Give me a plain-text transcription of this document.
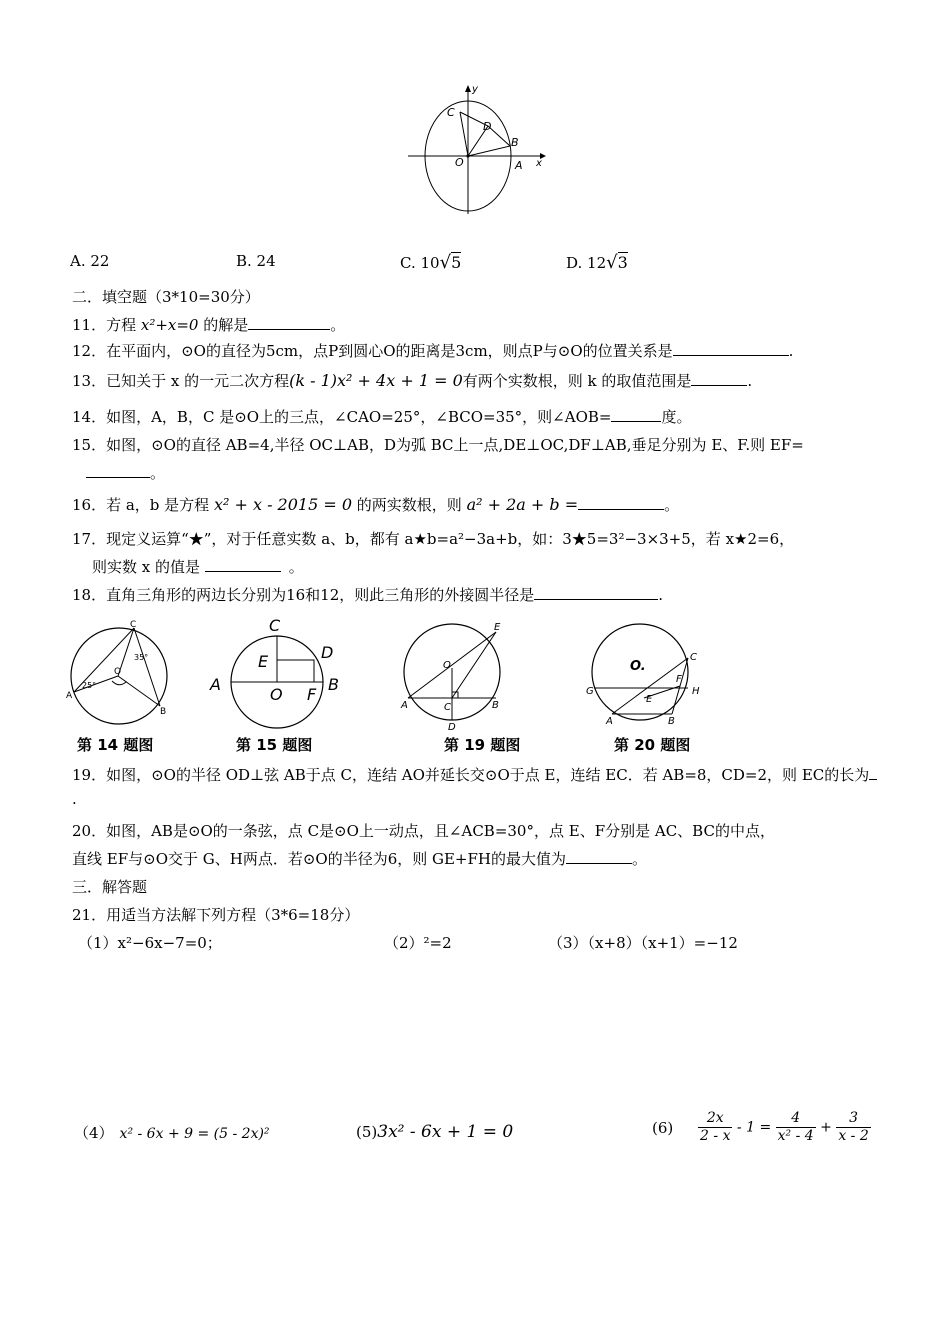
y
C
D
B
O	A x
A. 22	B. 24	C. 10√5	D. 12√3
二．填空题（3*10=30分）
11．方程 x²+x=0 的解是	。
12．在平面内，⊙O的直径为5cm，点P到圆心O的距离是3cm，则点P与⊙O的位置关系是	.
13．已知关于 x 的一元二次方程(k - 1)x² + 4x + 1 = 0有两个实数根，则 k 的取值范围是	.
14．如图，A，B，C 是⊙O上的三点，∠CAO=25°，∠BCO=35°，则∠AOB=	度。
15．如图，⊙O的直径 AB=4,半径 OC⊥AB，D为弧 BC上一点,DE⊥OC,DF⊥AB,垂足分别为 E、F.则 EF=
。
16．若 a，b 是方程 x² + x - 2015 = 0 的两实数根，则 a² + 2a + b =	。
17．现定义运算“★”，对于任意实数 a、b，都有 a★b=a²−3a+b，如：3★5=3²−3×3+5，若 x★2=6，
则实数 x 的值是	。
18．直角三角形的两边长分别为16和12，则此三角形的外接圆半径是	.
C
O
35°
25°
A
B
第 14 题图
C
E	D
A
O F
B
第 15 题图
E
O
A	C	B
D
第 19 题图
O.
C
F
H
G
E
A	B
第 20 题图
19．如图，⊙O的半径 OD⊥弦 AB于点 C，连结 AO并延长交⊙O于点 E，连结 EC．若 AB=8，CD=2，则 EC的长为
.
20．如图，AB是⊙O的一条弦，点 C是⊙O上一动点，且∠ACB=30°，点 E、F分别是 AC、BC的中点，
直线 EF与⊙O交于 G、H两点．若⊙O的半径为6，则 GE+FH的最大值为	。
三．解答题
21．用适当方法解下列方程（3*6=18分）
（1）x²−6x−7=0；	（2）²=2	（3）（x+8）（x+1）=−12
（4） x² - 6x + 9 = (5 - 2x)²	(5)3x² - 6x + 1 = 0	$(6) \frac{2x}{2 - x} - 1 = \frac{4}{\text{x² - 4}} + \frac{3}{x - 2}$
